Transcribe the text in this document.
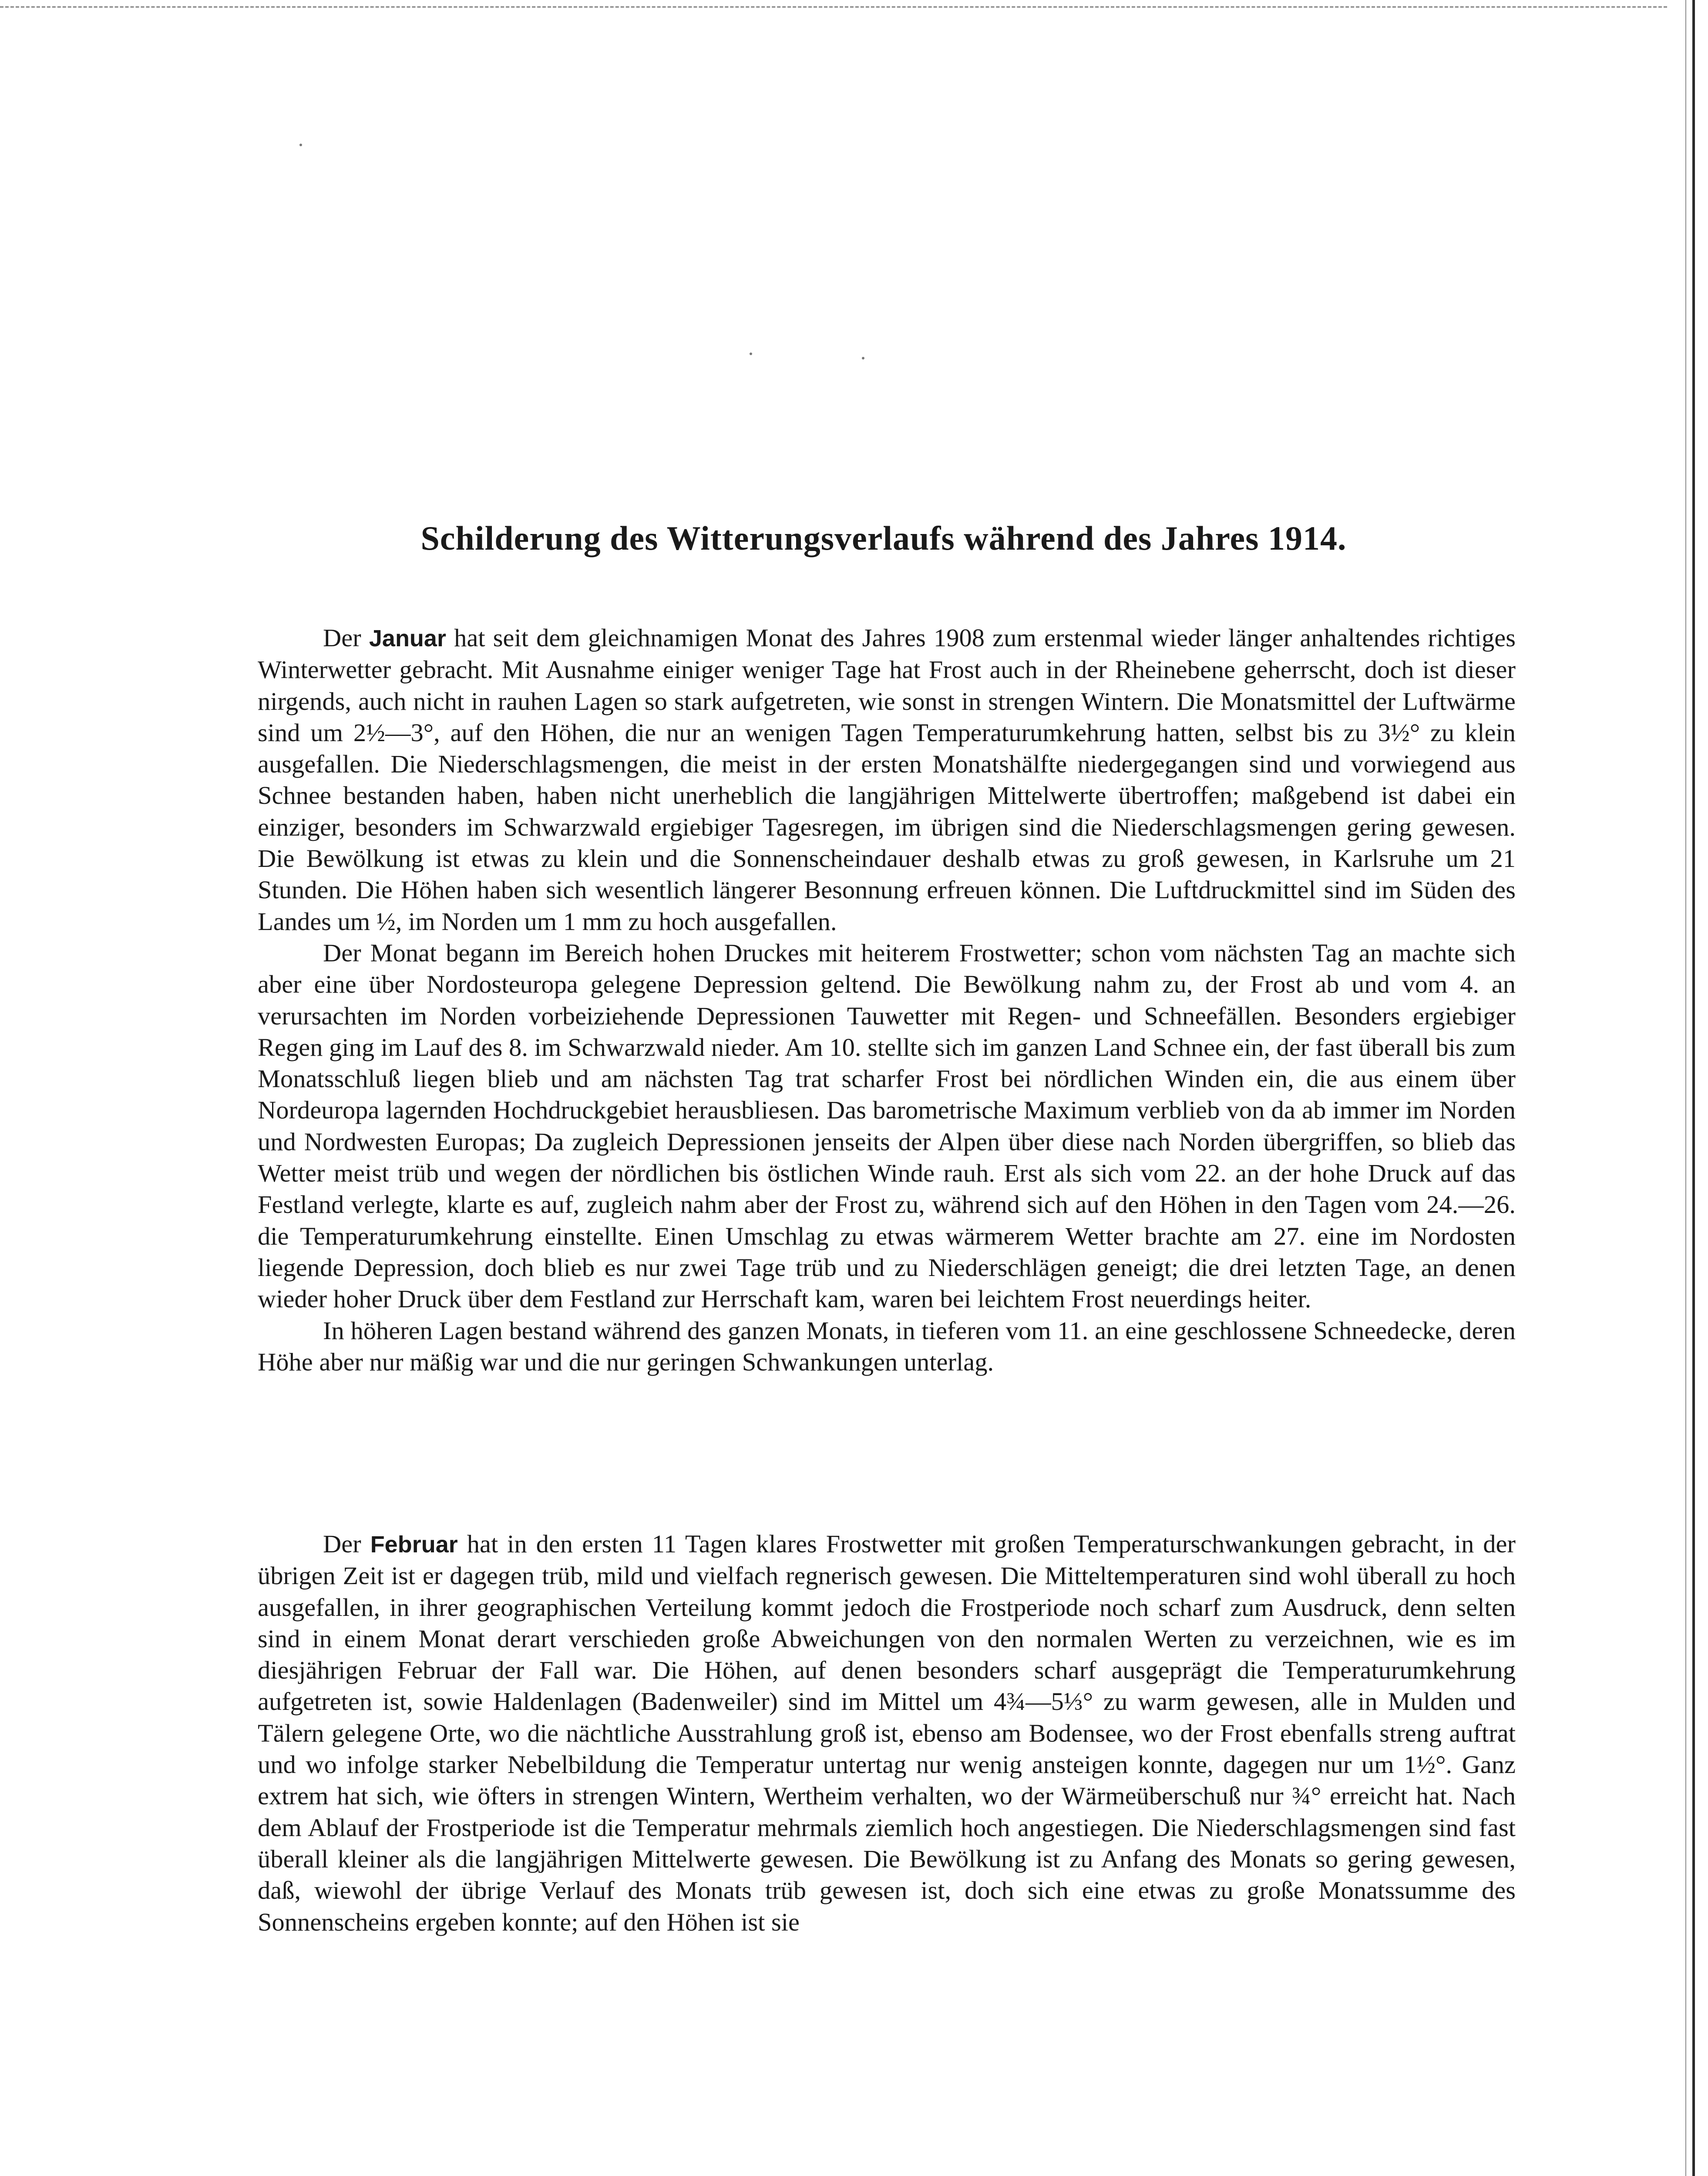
Schilderung des Witterungsverlaufs während des Jahres 1914.

Der Januar hat seit dem gleichnamigen Monat des Jahres 1908 zum erstenmal wieder länger anhaltendes richtiges Winterwetter gebracht. Mit Ausnahme einiger weniger Tage hat Frost auch in der Rheinebene geherrscht, doch ist dieser nirgends, auch nicht in rauhen Lagen so stark aufgetreten, wie sonst in strengen Wintern. Die Monatsmittel der Luftwärme sind um 2½—3°, auf den Höhen, die nur an wenigen Tagen Temperaturumkehrung hatten, selbst bis zu 3½° zu klein ausgefallen. Die Niederschlagsmengen, die meist in der ersten Monatshälfte niedergegangen sind und vorwiegend aus Schnee bestanden haben, haben nicht unerheblich die langjährigen Mittelwerte übertroffen; maßgebend ist dabei ein einziger, besonders im Schwarzwald ergiebiger Tagesregen, im übrigen sind die Niederschlagsmengen gering gewesen. Die Bewölkung ist etwas zu klein und die Sonnenscheindauer deshalb etwas zu groß gewesen, in Karlsruhe um 21 Stunden. Die Höhen haben sich wesentlich längerer Besonnung erfreuen können. Die Luftdruckmittel sind im Süden des Landes um ½, im Norden um 1 mm zu hoch ausgefallen.

Der Monat begann im Bereich hohen Druckes mit heiterem Frostwetter; schon vom nächsten Tag an machte sich aber eine über Nordosteuropa gelegene Depression geltend. Die Bewölkung nahm zu, der Frost ab und vom 4. an verursachten im Norden vorbeiziehende Depressionen Tauwetter mit Regen- und Schneefällen. Besonders ergiebiger Regen ging im Lauf des 8. im Schwarzwald nieder. Am 10. stellte sich im ganzen Land Schnee ein, der fast überall bis zum Monatsschluß liegen blieb und am nächsten Tag trat scharfer Frost bei nördlichen Winden ein, die aus einem über Nordeuropa lagernden Hochdruckgebiet herausbliesen. Das barometrische Maximum verblieb von da ab immer im Norden und Nordwesten Europas; Da zugleich Depressionen jenseits der Alpen über diese nach Norden übergriffen, so blieb das Wetter meist trüb und wegen der nördlichen bis östlichen Winde rauh. Erst als sich vom 22. an der hohe Druck auf das Festland verlegte, klarte es auf, zugleich nahm aber der Frost zu, während sich auf den Höhen in den Tagen vom 24.—26. die Temperaturumkehrung einstellte. Einen Umschlag zu etwas wärmerem Wetter brachte am 27. eine im Nordosten liegende Depression, doch blieb es nur zwei Tage trüb und zu Niederschlägen geneigt; die drei letzten Tage, an denen wieder hoher Druck über dem Festland zur Herrschaft kam, waren bei leichtem Frost neuerdings heiter.

In höheren Lagen bestand während des ganzen Monats, in tieferen vom 11. an eine geschlossene Schneedecke, deren Höhe aber nur mäßig war und die nur geringen Schwankungen unterlag.

Der Februar hat in den ersten 11 Tagen klares Frostwetter mit großen Temperaturschwankungen gebracht, in der übrigen Zeit ist er dagegen trüb, mild und vielfach regnerisch gewesen. Die Mitteltemperaturen sind wohl überall zu hoch ausgefallen, in ihrer geographischen Verteilung kommt jedoch die Frostperiode noch scharf zum Ausdruck, denn selten sind in einem Monat derart verschieden große Abweichungen von den normalen Werten zu verzeichnen, wie es im diesjährigen Februar der Fall war. Die Höhen, auf denen besonders scharf ausgeprägt die Temperaturumkehrung aufgetreten ist, sowie Haldenlagen (Badenweiler) sind im Mittel um 4¾—5⅓° zu warm gewesen, alle in Mulden und Tälern gelegene Orte, wo die nächtliche Ausstrahlung groß ist, ebenso am Bodensee, wo der Frost ebenfalls streng auftrat und wo infolge starker Nebelbildung die Temperatur untertag nur wenig ansteigen konnte, dagegen nur um 1½°. Ganz extrem hat sich, wie öfters in strengen Wintern, Wertheim verhalten, wo der Wärmeüberschuß nur ¾° erreicht hat. Nach dem Ablauf der Frostperiode ist die Temperatur mehrmals ziemlich hoch angestiegen. Die Niederschlagsmengen sind fast überall kleiner als die langjährigen Mittelwerte gewesen. Die Bewölkung ist zu Anfang des Monats so gering gewesen, daß, wiewohl der übrige Verlauf des Monats trüb gewesen ist, doch sich eine etwas zu große Monatssumme des Sonnenscheins ergeben konnte; auf den Höhen ist sie
